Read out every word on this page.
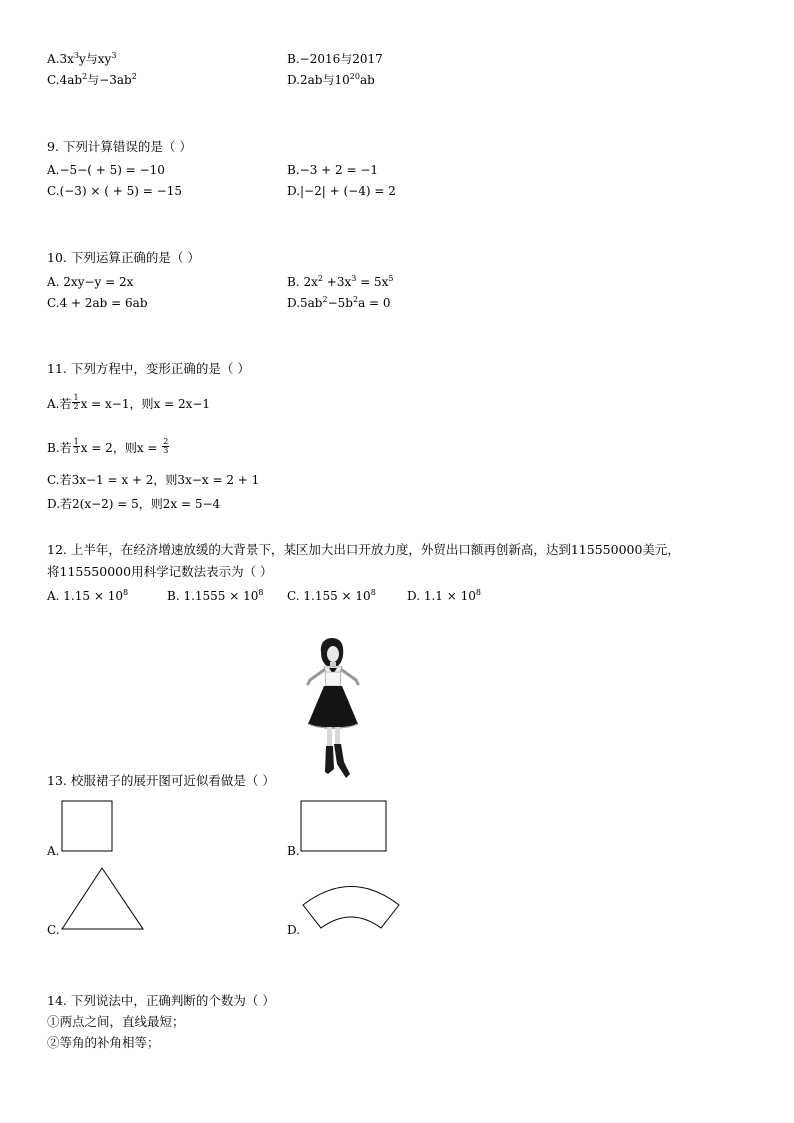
$A.3x^3y$与$xy^3$	B.−2016与2017
$C.4ab^2$与$-3ab^2$	D.2ab与$10^{20}ab$
9. 下列计算错误的是（ ）
A.−5−( + 5) = −10	B.−3 + 2 = −1
C.(−3) × ( + 5) = −15	D.|−2| + (−4) = 2
10. 下列运算正确的是（ ）
A. 2xy−y = 2x	B. $2x^2 +3x^3 = 5x^5$
C.4 + 2ab = 6ab	$D.5ab^2-5b^2a = 0$
11. 下列方程中，变形正确的是（ ）
A.若 $\frac{1}{2}$ x = x−1，则x = 2x−1
B.若 $\frac{1}{3}$ x = 2，则$x = \frac{2}{3}$
C.若3x−1 = x + 2，则3x−x = 2 + 1
D.若2(x−2) = 5，则2x = 5−4
12. 上半年，在经济增速放缓的大背景下，某区加大出口开放力度，外贸出口额再创新高，达到115550000美元，
将115550000用科学记数法表示为（ ）
A. $1.15 \times 10^8$	B. $1.1555 \times 10^8$ C. $1.155 \times 10^8$	D. $1.1 \times 10^8$
13. 校服裙子的展开图可近似看做是（ ）
A.	B.
C.	D.
14. 下列说法中，正确判断的个数为（ ）
①两点之间，直线最短；
②等角的补角相等；
